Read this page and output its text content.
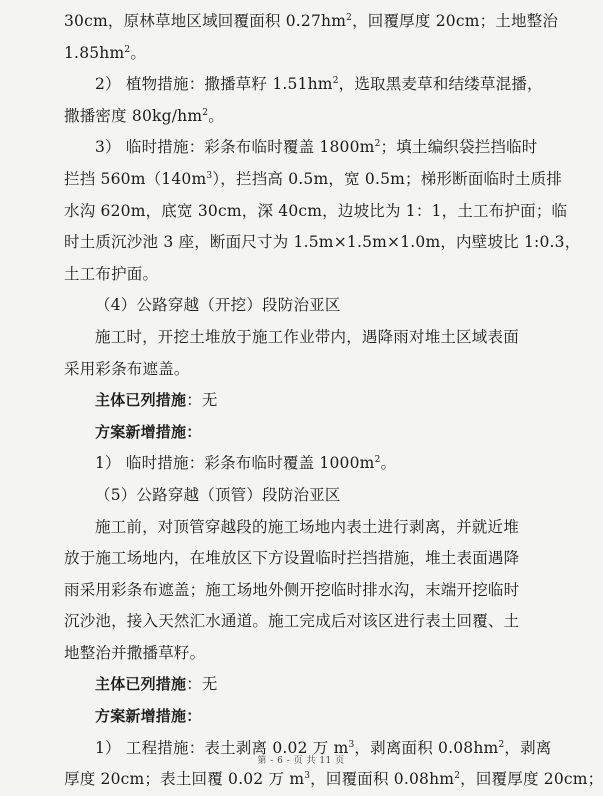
30cm，原林草地区域回覆面积 $0.27hm^2$，回覆厚度 20cm；土地整治
$1.85hm^2$。
2） 植物措施：撒播草籽 $1.51hm^2$，选取黑麦草和结缕草混播，
撒播密度 $80kg/hm^2$。
3） 临时措施：彩条布临时覆盖 $1800m^2$；填土编织袋拦挡临时
拦挡 $560m(140m^3)$，拦挡高 0.5m，宽 0.5m；梯形断面临时土质排
水沟 620m，底宽 30cm，深 40cm，边坡比为 1：1，土工布护面；临
时土质沉沙池 3 座，断面尺寸为 1.5m×1.5m×1.0m，内壁坡比 1:0.3，
土工布护面。
（4）公路穿越（开挖）段防治亚区
施工时，开挖土堆放于施工作业带内，遇降雨对堆土区域表面
采用彩条布遮盖。
主体已列措施：无
方案新增措施：
1） 临时措施：彩条布临时覆盖 $1000m^2$。
（5）公路穿越（顶管）段防治亚区
施工前，对顶管穿越段的施工场地内表土进行剥离，并就近堆
放于施工场地内，在堆放区下方设置临时拦挡措施，堆土表面遇降
雨采用彩条布遮盖；施工场地外侧开挖临时排水沟，末端开挖临时
沉沙池，接入天然汇水通道。施工完成后对该区进行表土回覆、土
地整治并撒播草籽。
主体已列措施：无
方案新增措施：
1） 工程措施：表土剥离 0.02 万 $m^3$，剥离面积 $0.08hm^2$，剥离
厚度 20cm；表土回覆 0.02 万 $m^3$，回覆面积 $0.08hm^2$，回覆厚度 20cm；
第 - 6 - 页 共 11 页
